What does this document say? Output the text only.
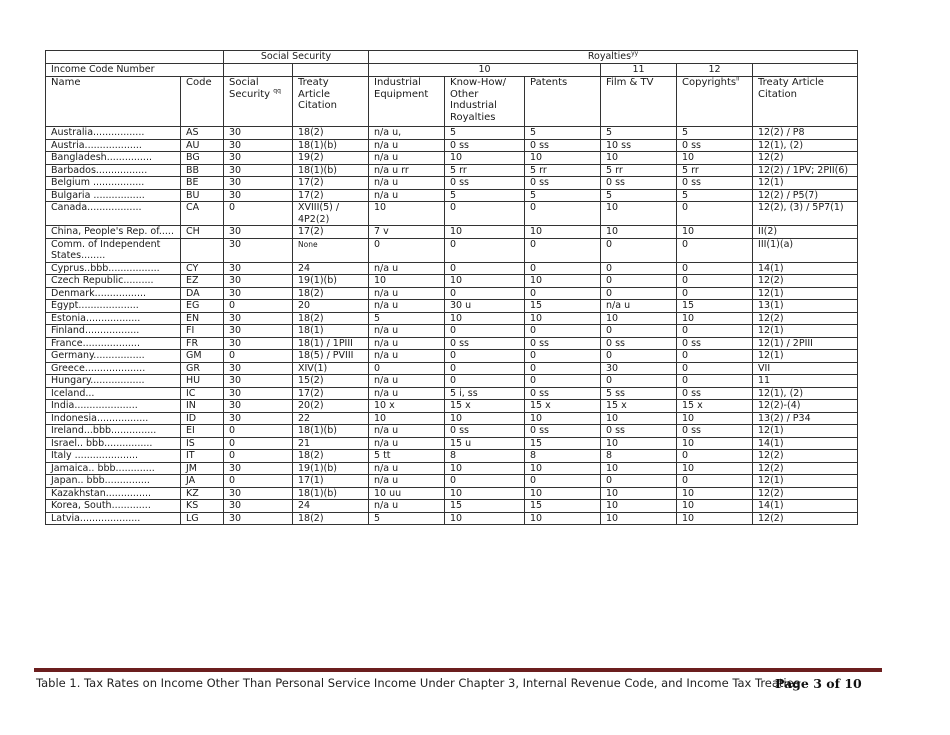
		Social Security		Royalties$^{yy}$
Income Code Number				10			11	12	
Name	Code	Social Security $^{qq}$	Treaty Article Citation	Industrial Equipment	Know-How/ Other Industrial Royalties	Patents	Film & TV	Copyrights$^{ll}$	Treaty Article Citation
Australia.................	AS	30	18(2)	n/a u,	5	5	5	5	12(2) / P8
Austria...................	AU	30	18(1)(b)	n/a u	0 ss	0 ss	10 ss	0 ss	12(1), (2)
Bangladesh...............	BG	30	19(2)	n/a u	10	10	10	10	12(2)
Barbados.................	BB	30	18(1)(b)	n/a u rr	5 rr	5 rr	5 rr	5 rr	12(2) / 1PV; 2PII(6)
Belgium .................	BE	30	17(2)	n/a u	0 ss	0 ss	0 ss	0 ss	12(1)
Bulgaria .................	BU	30	17(2)	n/a u	5	5	5	5	12(2) / P5(7)
Canada..................	CA	0	XVIII(5) / 4P2(2)	10	0	0	10	0	12(2), (3) / 5P7(1)
China, People's Rep. of.....	CH	30	17(2)	7 v	10	10	10	10	II(2)
Comm. of Independent States........		30	None	0	0	0	0	0	III(1)(a)
Cyprus..bbb.................	CY	30	24	n/a u	0	0	0	0	14(1)
Czech Republic..........	EZ	30	19(1)(b)	10	10	10	0	0	12(2)
Denmark.................	DA	30	18(2)	n/a u	0	0	0	0	12(1)
Egypt....................	EG	0	20	n/a u	30 u	15	n/a u	15	13(1)
Estonia..................	EN	30	18(2)	5	10	10	10	10	12(2)
Finland..................	FI	30	18(1)	n/a u	0	0	0	0	12(1)
France...................	FR	30	18(1) / 1PIII	n/a u	0 ss	0 ss	0 ss	0 ss	12(1) / 2PIII
Germany.................	GM	0	18(5) / PVIII	n/a u	0	0	0	0	12(1)
Greece....................	GR	30	XIV(1)	0	0	0	30	0	VII
Hungary..................	HU	30	15(2)	n/a u	0	0	0	0	11
Iceland...	IC	30	17(2)	n/a u	5 i, ss	0 ss	5 ss	0 ss	12(1), (2)
India.....................	IN	30	20(2)	10 x	15 x	15 x	15 x	15 x	12(2)-(4)
Indonesia.................	ID	30	22	10	10	10	10	10	13(2) / P34
Ireland...bbb...............	EI	0	18(1)(b)	n/a u	0 ss	0 ss	0 ss	0 ss	12(1)
Israel.. bbb................	IS	0	21	n/a u	15 u	15	10	10	14(1)
Italy .....................	IT	0	18(2)	5 tt	8	8	8	0	12(2)
Jamaica.. bbb.............	JM	30	19(1)(b)	n/a u	10	10	10	10	12(2)
Japan.. bbb...............	JA	0	17(1)	n/a u	0	0	0	0	12(1)
Kazakhstan...............	KZ	30	18(1)(b)	10 uu	10	10	10	10	12(2)
Korea, South.............	KS	30	24	n/a u	15	15	10	10	14(1)
Latvia....................	LG	30	18(2)	5	10	10	10	10	12(2)
Table 1. Tax Rates on Income Other Than Personal Service Income Under Chapter 3, Internal Revenue Code, and Income Tax Treaties
Page 3 of 10
